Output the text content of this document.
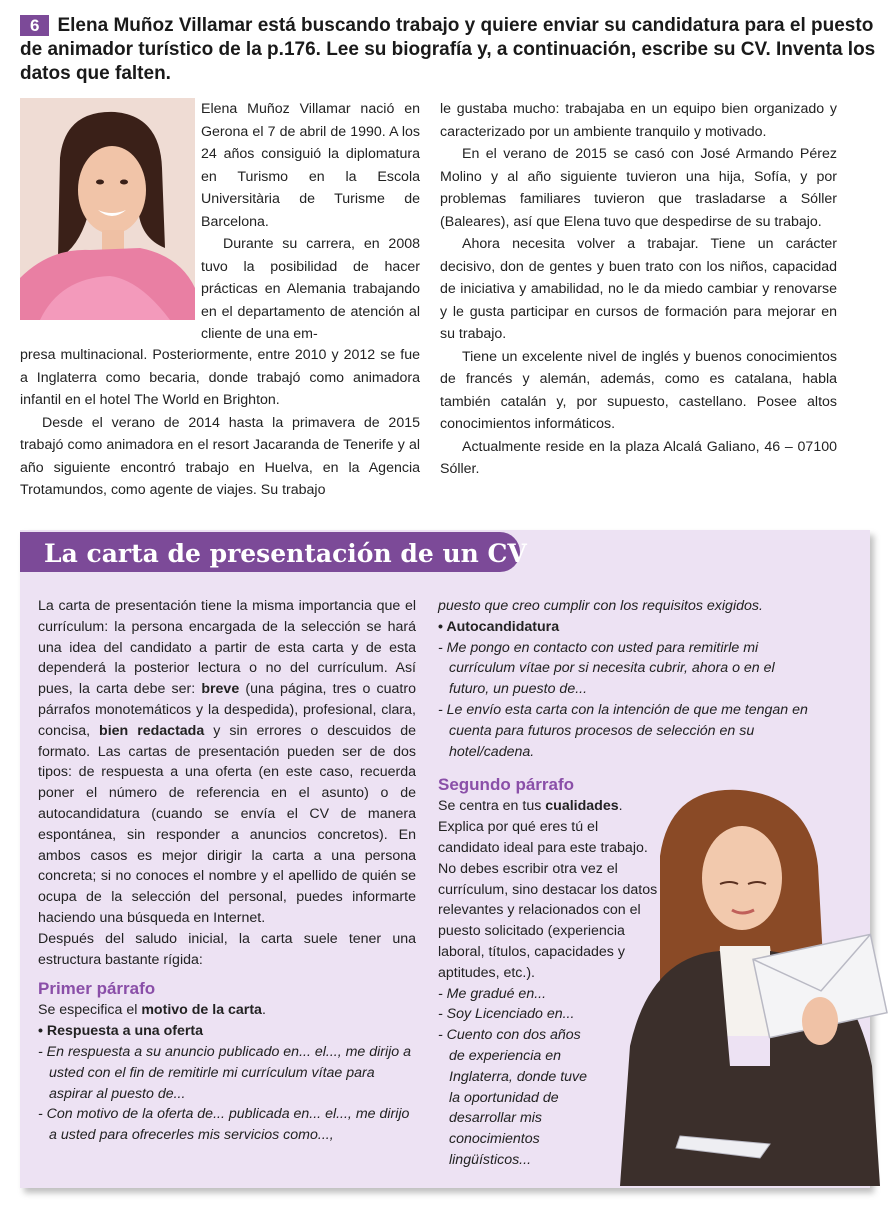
6 Elena Muñoz Villamar está buscando trabajo y quiere enviar su candidatura para el puesto de animador turístico de la p.176. Lee su biografía y, a continuación, escribe su CV. Inventa los datos que falten.

Elena Muñoz Villamar nació en Gerona el 7 de abril de 1990. A los 24 años consiguió la diplomatura en Turismo en la Escola Universitària de Turisme de Barcelona.

Durante su carrera, en 2008 tuvo la posibilidad de hacer prácticas en Alemania trabajando en el departamento de atención al cliente de una em-

presa multinacional. Posteriormente, entre 2010 y 2012 se fue a Inglaterra como becaria, donde trabajó como animadora infantil en el hotel The World en Brighton.

Desde el verano de 2014 hasta la primavera de 2015 trabajó como animadora en el resort Jacaranda de Tenerife y al año siguiente encontró trabajo en Huelva, en la Agencia Trotamundos, como agente de viajes. Su trabajo

le gustaba mucho: trabajaba en un equipo bien organizado y caracterizado por un ambiente tranquilo y motivado.

En el verano de 2015 se casó con José Armando Pérez Molino y al año siguiente tuvieron una hija, Sofía, y por problemas familiares tuvieron que trasladarse a Sóller (Baleares), así que Elena tuvo que despedirse de su trabajo.

Ahora necesita volver a trabajar. Tiene un carácter decisivo, don de gentes y buen trato con los niños, capacidad de iniciativa y amabilidad, no le da miedo cambiar y renovarse y le gusta participar en cursos de formación para mejorar en su trabajo.

Tiene un excelente nivel de inglés y buenos conocimientos de francés y alemán, además, como es catalana, habla también catalán y, por supuesto, castellano. Posee altos conocimientos informáticos.

Actualmente reside en la plaza Alcalá Galiano, 46 – 07100 Sóller.

La carta de presentación de un CV

La carta de presentación tiene la misma importancia que el currículum: la persona encargada de la selección se hará una idea del candidato a partir de esta carta y de esta dependerá la posterior lectura o no del currículum. Así pues, la carta debe ser: breve (una página, tres o cuatro párrafos monotemáticos y la despedida), profesional, clara, concisa, bien redactada y sin errores o descuidos de formato. Las cartas de presentación pueden ser de dos tipos: de respuesta a una oferta (en este caso, recuerda poner el número de referencia en el asunto) o de autocandidatura (cuando se envía el CV de manera espontánea, sin responder a anuncios concretos). En ambos casos es mejor dirigir la carta a una persona concreta; si no conoces el nombre y el apellido de quién se ocupa de la selección del personal, puedes informarte haciendo una búsqueda en Internet.

Después del saludo inicial, la carta suele tener una estructura bastante rígida:

Primer párrafo

Se especifica el motivo de la carta.

• Respuesta a una oferta

- En respuesta a su anuncio publicado en... el..., me dirijo a usted con el fin de remitirle mi currículum vítae para aspirar al puesto de...

- Con motivo de la oferta de... publicada en... el..., me dirijo a usted para ofrecerles mis servicios como...,

puesto que creo cumplir con los requisitos exigidos.

• Autocandidatura

- Me pongo en contacto con usted para remitirle mi currículum vítae por si necesita cubrir, ahora o en el futuro, un puesto de...

- Le envío esta carta con la intención de que me tengan en cuenta para futuros procesos de selección en su hotel/cadena.

Segundo párrafo

Se centra en tus cualidades. Explica por qué eres tú el candidato ideal para este trabajo. No debes escribir otra vez el currículum, sino destacar los datos relevantes y relacionados con el puesto solicitado (experiencia laboral, títulos, capacidades y aptitudes, etc.).

- Me gradué en...

- Soy Licenciado en...

- Cuento con dos años de experiencia en Inglaterra, donde tuve la oportunidad de desarrollar mis conocimientos lingüísticos...
